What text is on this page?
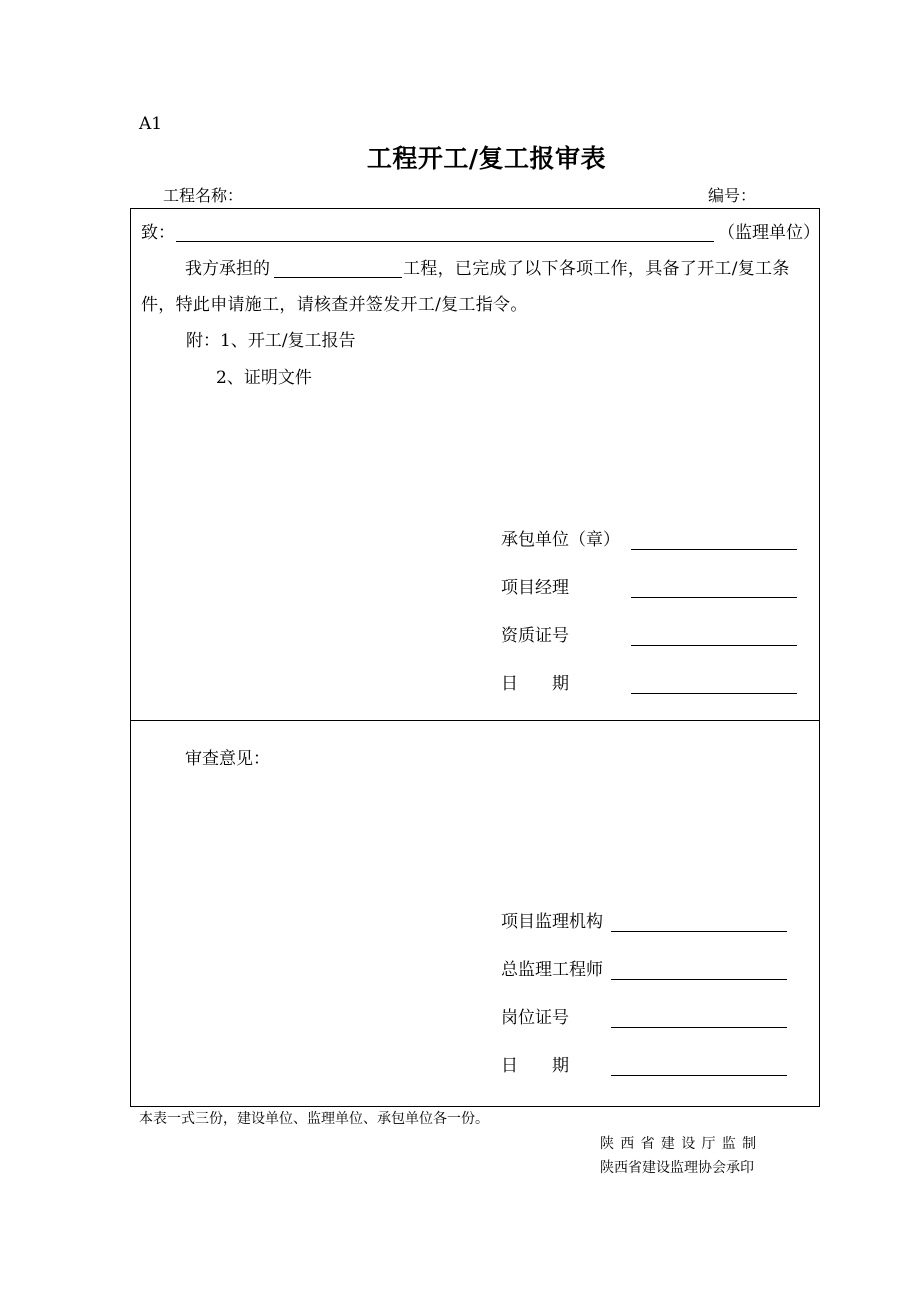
A1
工程开工/复工报审表
工程名称：	编号：
致：	（监理单位）
我方承担的	工程，已完成了以下各项工作，具备了开工/复工条
件，特此申请施工，请核查并签发开工/复工指令。
附：1、开工/复工报告
2、证明文件
承包单位（章）
项目经理
资质证号
日　　期
审查意见：
项目监理机构
总监理工程师
岗位证号
日　　期
本表一式三份，建设单位、监理单位、承包单位各一份。
陕西省建设厅监制
陕西省建设监理协会承印
